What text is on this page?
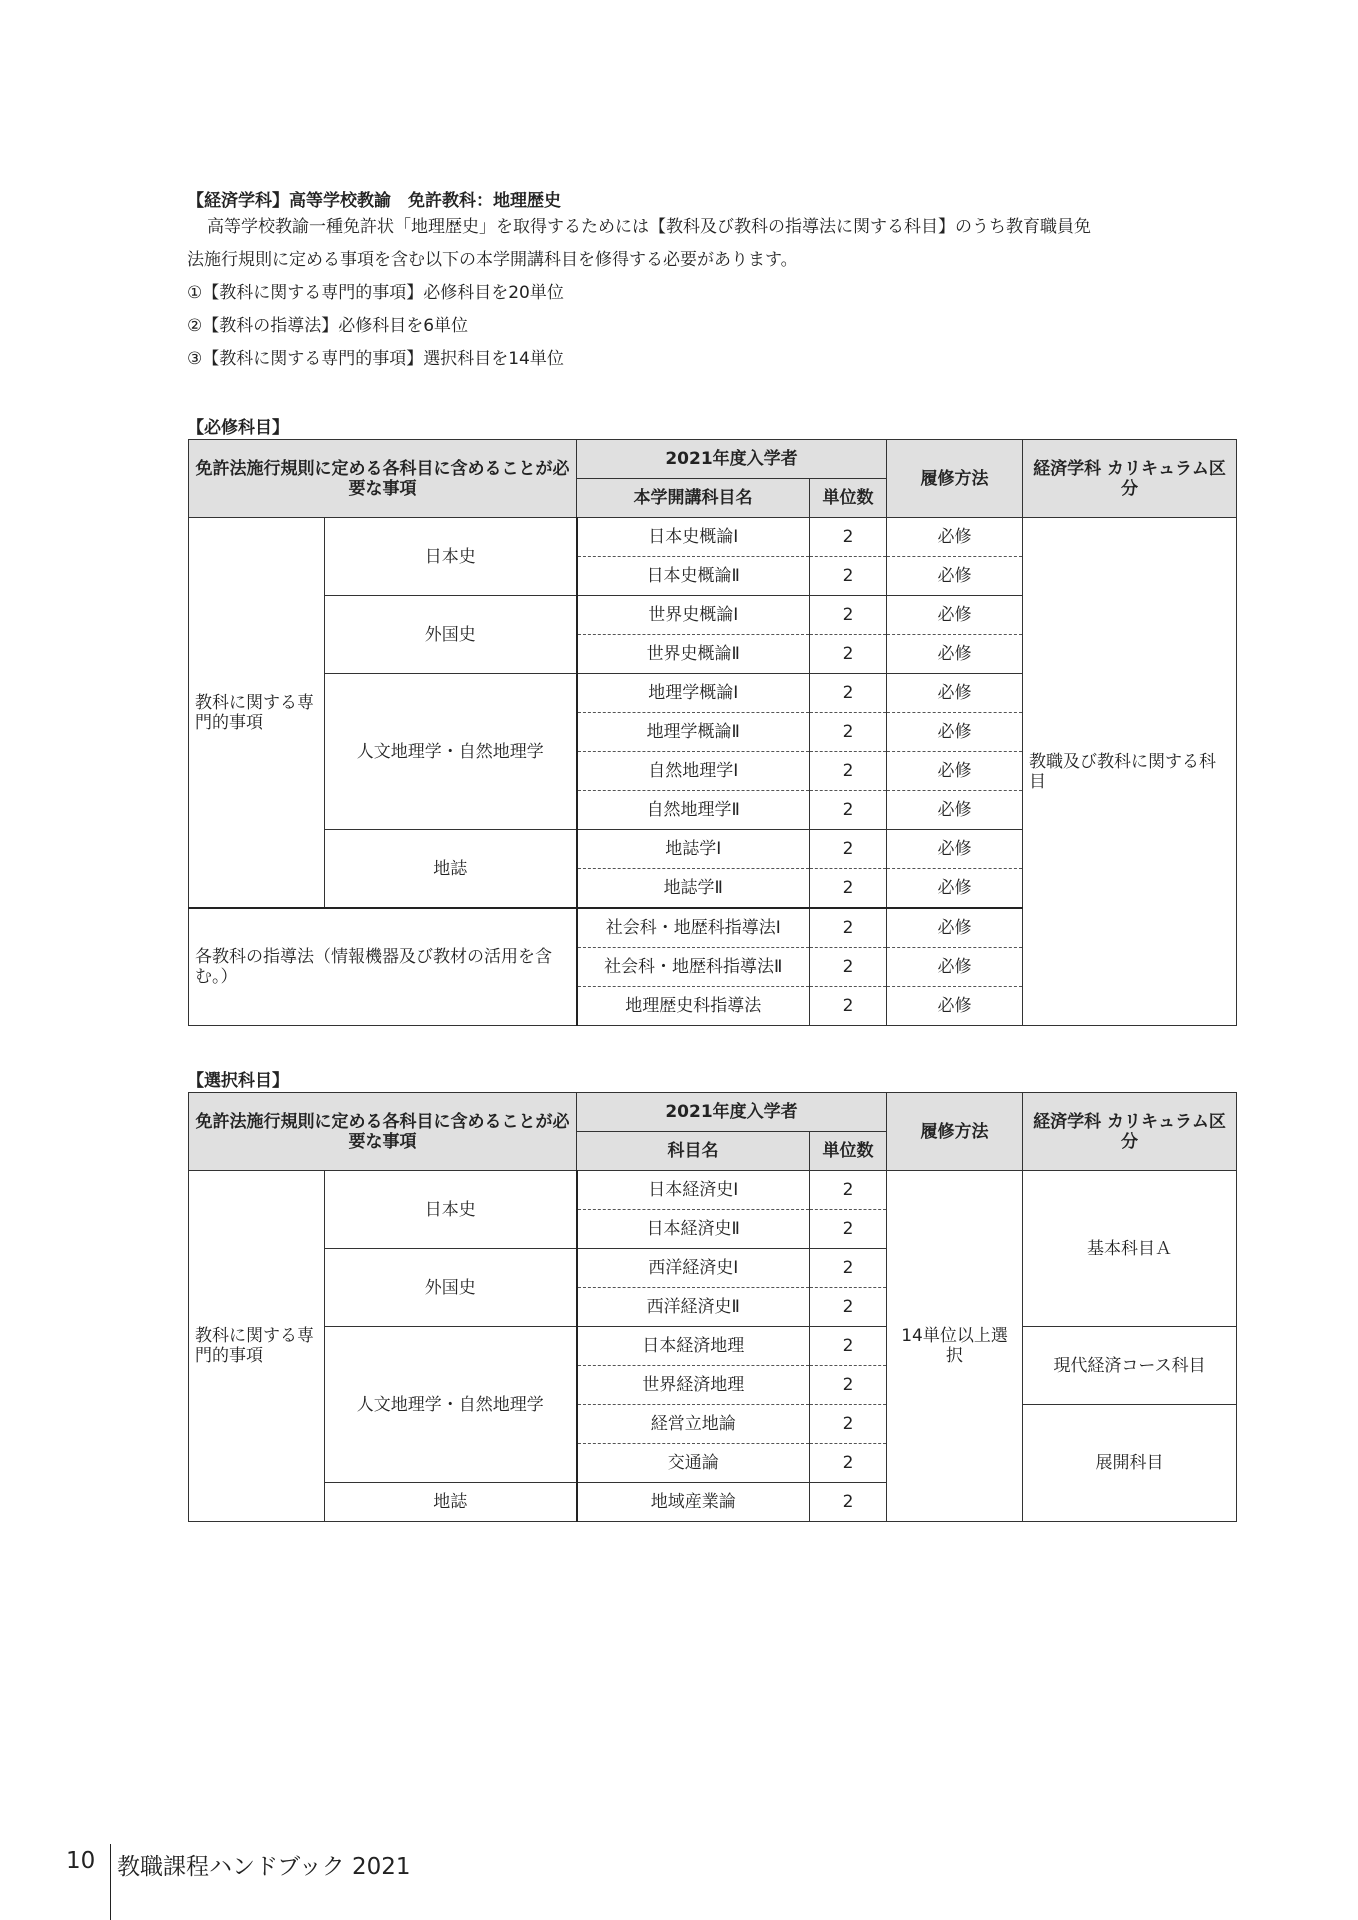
【経済学科】高等学校教諭　免許教科：地理歴史

高等学校教諭一種免許状「地理歴史」を取得するためには【教科及び教科の指導法に関する科目】のうち教育職員免

法施行規則に定める事項を含む以下の本学開講科目を修得する必要があります。

①【教科に関する専門的事項】必修科目を20単位

②【教科の指導法】必修科目を6単位

③【教科に関する専門的事項】選択科目を14単位

【必修科目】
免許法施行規則に定める各科目に含めることが必要な事項		2021年度入学者		履修方法	経済学科 カリキュラム区分
		本学開講科目名	単位数		
教科に関する専門的事項	日本史	日本史概論Ⅰ	2	必修	教職及び教科に関する科目
		日本史概論Ⅱ	2	必修	
	外国史	世界史概論Ⅰ	2	必修	
		世界史概論Ⅱ	2	必修	
	人文地理学・自然地理学	地理学概論Ⅰ	2	必修	
		地理学概論Ⅱ	2	必修	
		自然地理学Ⅰ	2	必修	
		自然地理学Ⅱ	2	必修	
	地誌	地誌学Ⅰ	2	必修	
		地誌学Ⅱ	2	必修	
各教科の指導法（情報機器及び教材の活用を含む。）		社会科・地歴科指導法Ⅰ	2	必修	
		社会科・地歴科指導法Ⅱ	2	必修	
		地理歴史科指導法	2	必修	
【選択科目】
免許法施行規則に定める各科目に含めることが必要な事項		2021年度入学者		履修方法	経済学科 カリキュラム区分
		科目名	単位数		
教科に関する専門的事項	日本史	日本経済史Ⅰ	2	14単位以上選択	基本科目Ａ
		日本経済史Ⅱ	2		
	外国史	西洋経済史Ⅰ	2		
		西洋経済史Ⅱ	2		
	人文地理学・自然地理学	日本経済地理	2		現代経済コース科目
		世界経済地理	2		
		経営立地論	2		展開科目
		交通論	2		
	地誌	地域産業論	2		
10 教職課程ハンドブック 2021
